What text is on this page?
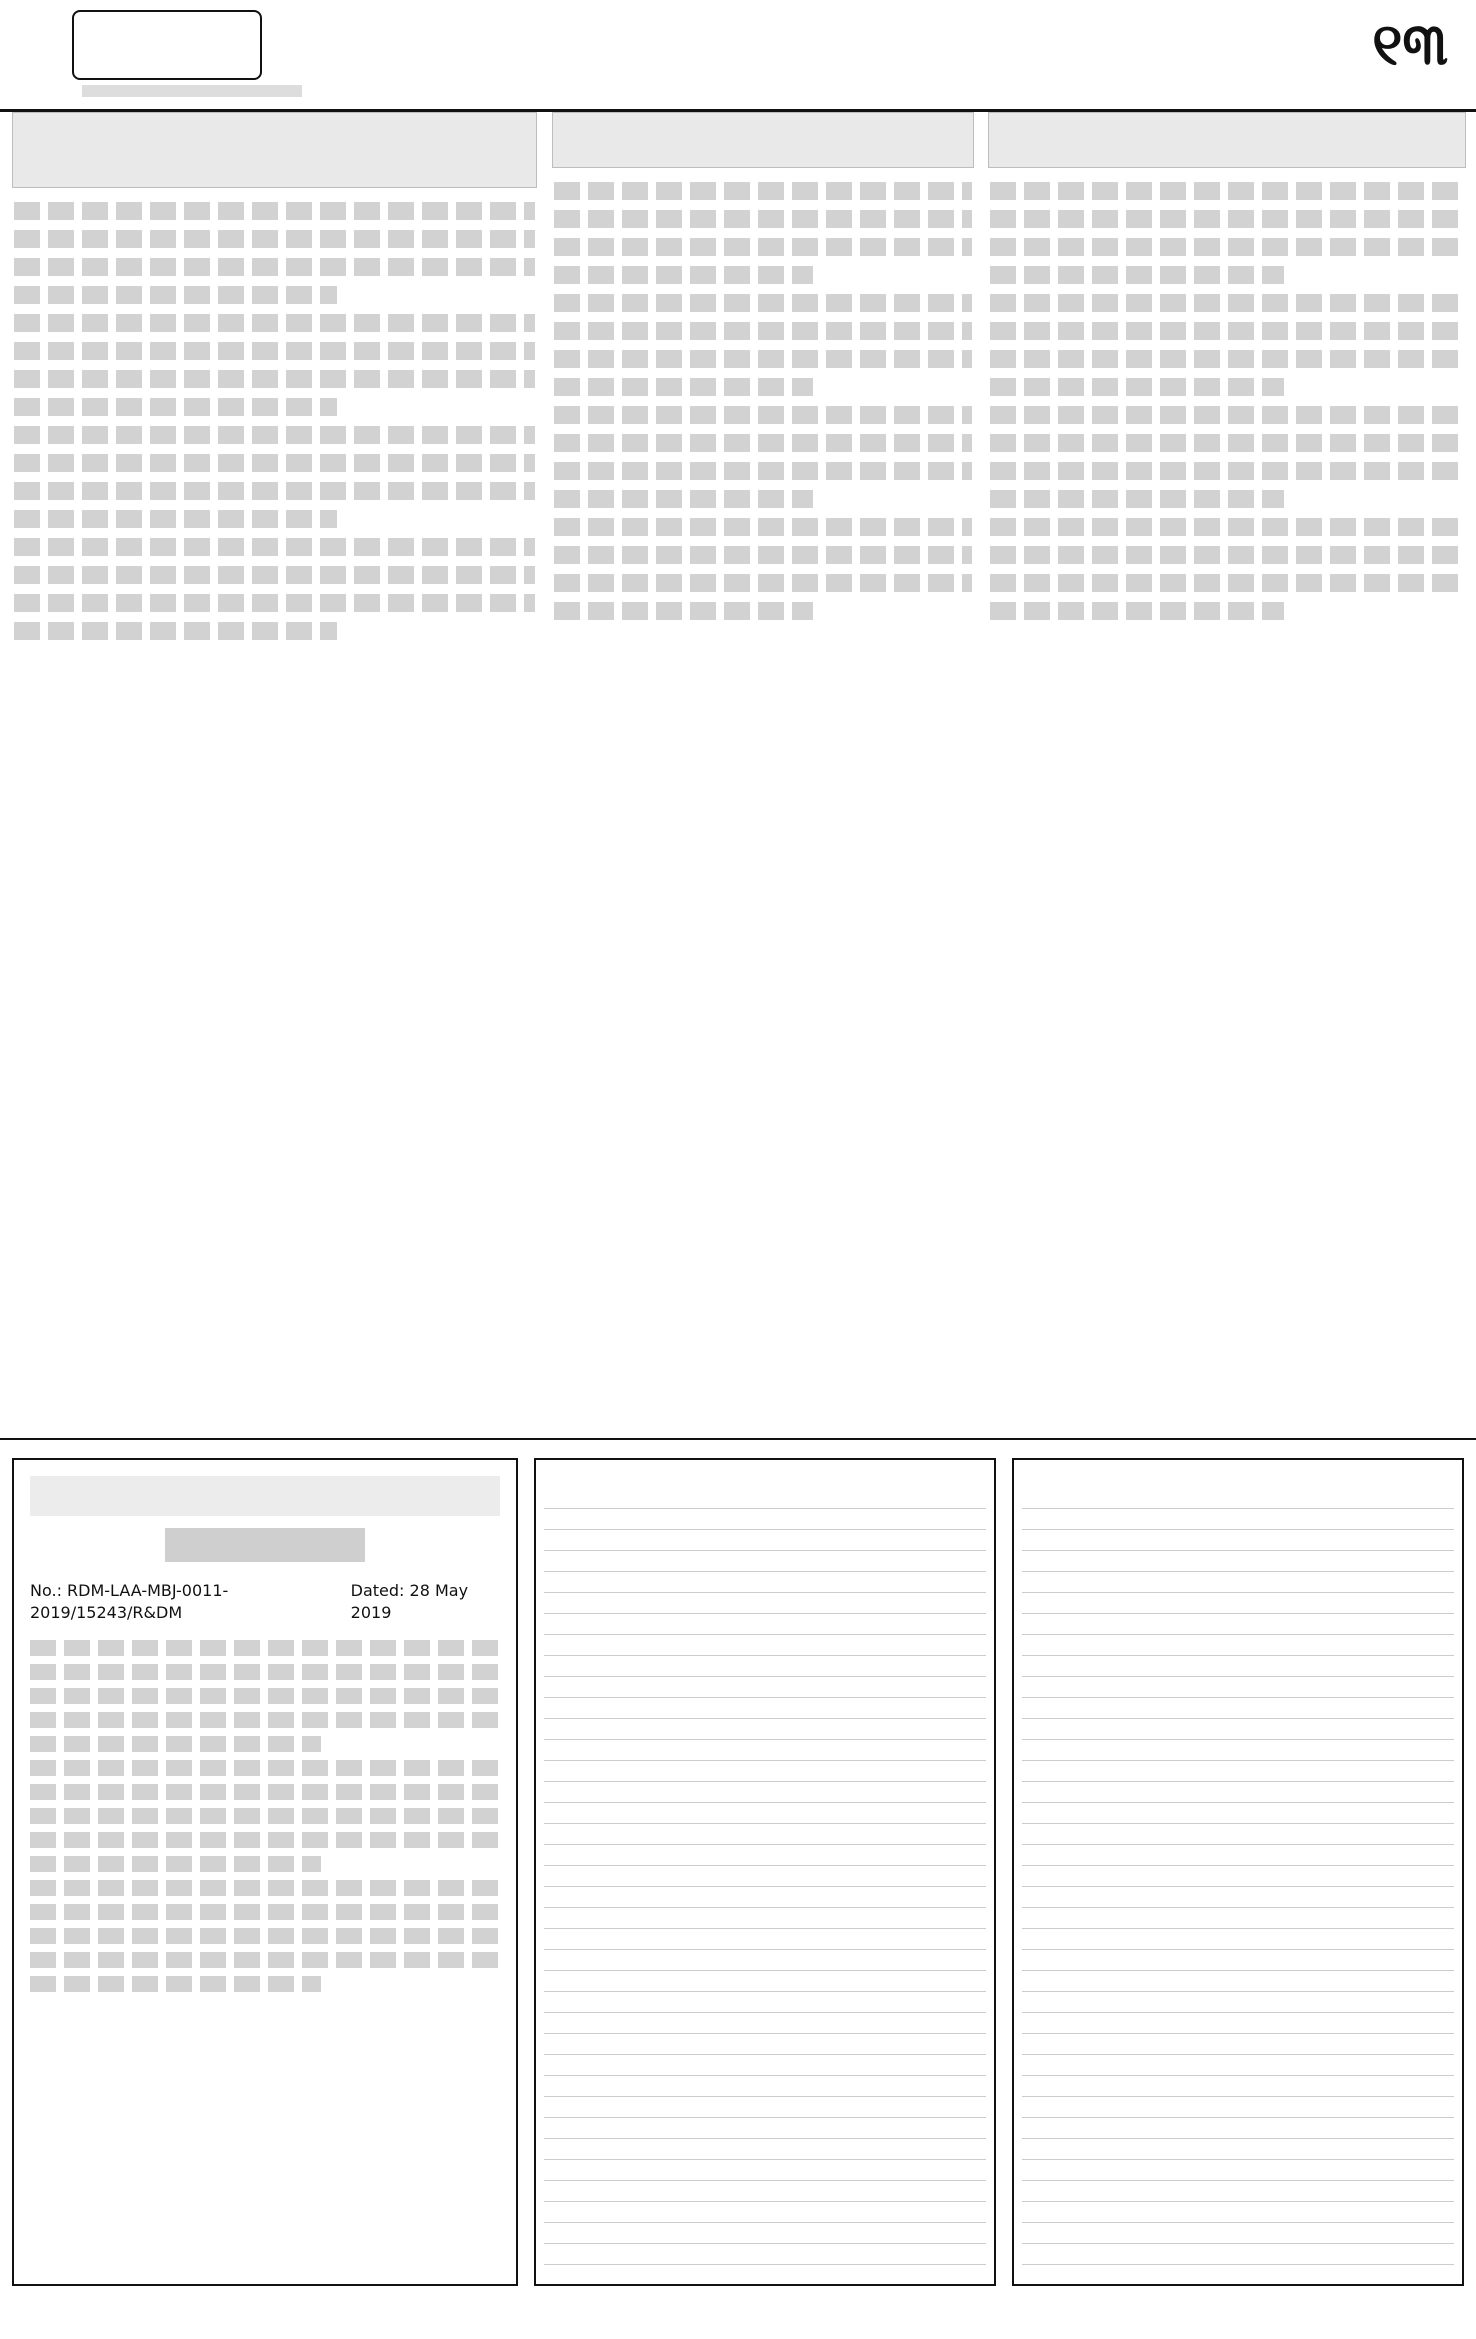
୧୩
No.: RDM-LAA-MBJ-0011-2019/15243/R&DM
Dated: 28 May 2019
